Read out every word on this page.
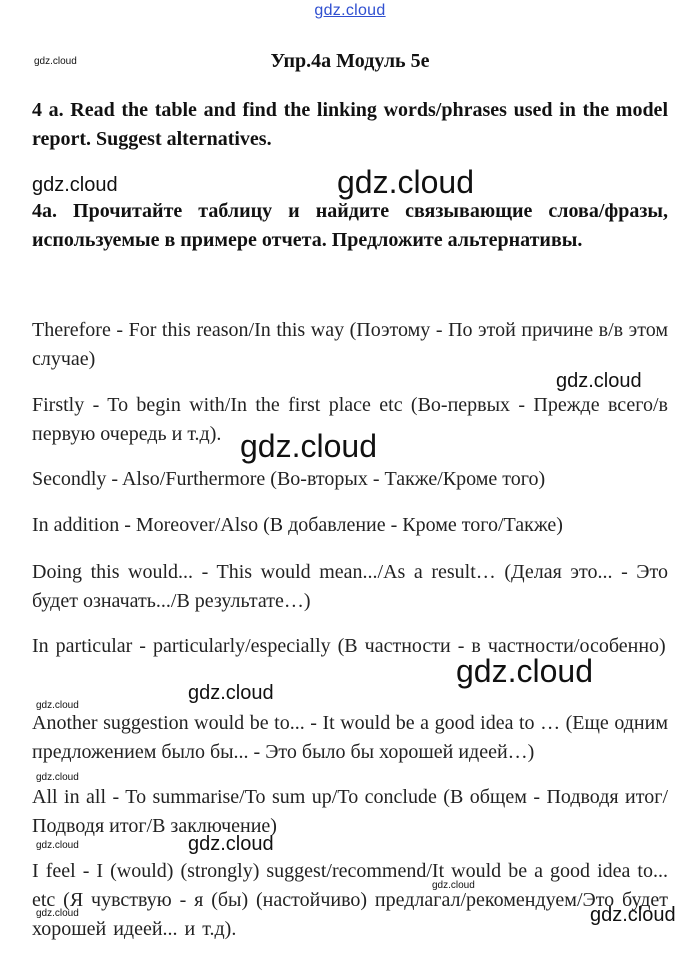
gdz.cloud
Упр.4a Модуль 5е
4 a. Read the table and find the linking words/phrases used in the model report. Suggest alternatives.
4a. Прочитайте таблицу и найдите связывающие слова/фразы, используемые в примере отчета. Предложите альтернативы.
Therefore - For this reason/In this way (Поэтому - По этой причине в/в этом случае)
Firstly - To begin with/In the first place etc (Во-первых - Прежде всего/в первую очередь и т.д).
Secondly - Also/Furthermore (Во-вторых - Также/Кроме того)
In addition - Moreover/Also (В добавление - Кроме того/Также)
Doing this would... - This would mean.../As a result… (Делая это... - Это будет означать.../В результате…)
In particular - particularly/especially (В частности - в частности/особенно)
Another suggestion would be to... - It would be a good idea to … (Еще одним предложением было бы... - Это было бы хорошей идеей…)
All in all - To summarise/To sum up/To conclude (В общем - Подводя итог/Подводя итог/В заключение)
I feel - I (would) (strongly) suggest/recommend/It would be a good idea to... etc (Я чувствую - я (бы) (настойчиво) предлагал/рекомендуем/Это будет хорошей идеей... и т.д).
gdz.cloud
gdz.cloud	gdz.cloud
gdz.cloud
gdz.cloud
gdz.cloud
gdz.cloud
gdz.cloud
gdz.cloud
gdz.cloud
gdz.cloud
gdz.cloud
gdz.cloud
gdz.cloud
